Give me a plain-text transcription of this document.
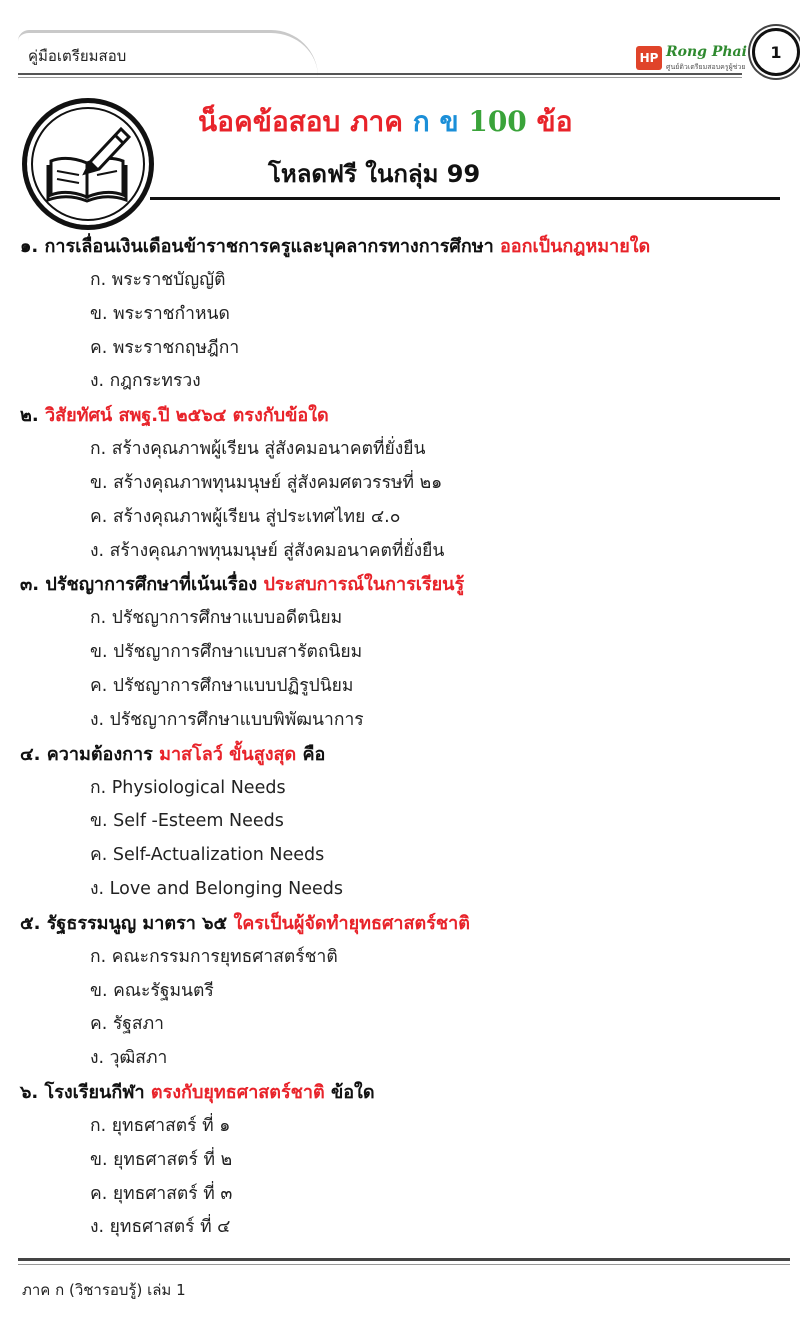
คู่มือเตรียมสอบ	HP Rong Phai
ศูนย์ติวเตรียมสอบครูผู้ช่วย
1
น็อคข้อสอบ ภาค ก ข 100 ข้อ
โหลดฟรี ในกลุ่ม 99
๑. การเลื่อนเงินเดือนข้าราชการครูและบุคลากรทางการศึกษา ออกเป็นกฎหมายใด
ก. พระราชบัญญัติ
ข. พระราชกำหนด
ค. พระราชกฤษฎีกา
ง. กฎกระทรวง
๒. วิสัยทัศน์ สพฐ.ปี ๒๕๖๔ ตรงกับข้อใด
ก. สร้างคุณภาพผู้เรียน สู่สังคมอนาคตที่ยั่งยืน
ข. สร้างคุณภาพทุนมนุษย์ สู่สังคมศตวรรษที่ ๒๑
ค. สร้างคุณภาพผู้เรียน สู่ประเทศไทย ๔.๐
ง. สร้างคุณภาพทุนมนุษย์ สู่สังคมอนาคตที่ยั่งยืน
๓. ปรัชญาการศึกษาที่เน้นเรื่อง ประสบการณ์ในการเรียนรู้
ก. ปรัชญาการศึกษาแบบอดีตนิยม
ข. ปรัชญาการศึกษาแบบสารัตถนิยม
ค. ปรัชญาการศึกษาแบบปฏิรูปนิยม
ง. ปรัชญาการศึกษาแบบพิพัฒนาการ
๔. ความต้องการ มาสโลว์ ขั้นสูงสุด คือ
ก. Physiological Needs
ข. Self -Esteem Needs
ค. Self-Actualization Needs
ง. Love and Belonging Needs
๕. รัฐธรรมนูญ มาตรา ๖๕ ใครเป็นผู้จัดทำยุทธศาสตร์ชาติ
ก. คณะกรรมการยุทธศาสตร์ชาติ
ข. คณะรัฐมนตรี
ค. รัฐสภา
ง. วุฒิสภา
๖. โรงเรียนกีฬา ตรงกับยุทธศาสตร์ชาติ ข้อใด
ก. ยุทธศาสตร์ ที่ ๑
ข. ยุทธศาสตร์ ที่ ๒
ค. ยุทธศาสตร์ ที่ ๓
ง. ยุทธศาสตร์ ที่ ๔
ภาค ก (วิชารอบรู้) เล่ม 1
